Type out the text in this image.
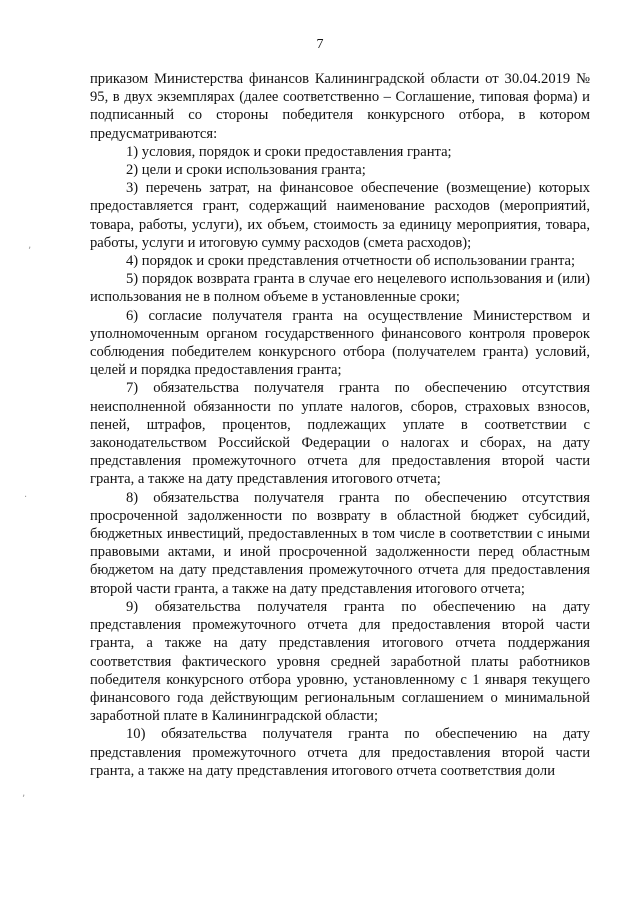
7
‚
·
‚

приказом Министерства финансов Калининградской области от 30.04.2019 № 95, в двух экземплярах (далее соответственно – Соглашение, типовая форма) и подписанный со стороны победителя конкурсного отбора, в котором предусматриваются:

1) условия, порядок и сроки предоставления гранта;

2) цели и сроки использования гранта;

3) перечень затрат, на финансовое обеспечение (возмещение) которых предоставляется грант, содержащий наименование расходов (мероприятий, товара, работы, услуги), их объем, стоимость за единицу мероприятия, товара, работы, услуги и итоговую сумму расходов (смета расходов);

4) порядок и сроки представления отчетности об использовании гранта;

5) порядок возврата гранта в случае его нецелевого использования и (или) использования не в полном объеме в установленные сроки;

6) согласие получателя гранта на осуществление Министерством и уполномоченным органом государственного финансового контроля проверок соблюдения победителем конкурсного отбора (получателем гранта) условий, целей и порядка предоставления гранта;

7) обязательства получателя гранта по обеспечению отсутствия неисполненной обязанности по уплате налогов, сборов, страховых взносов, пеней, штрафов, процентов, подлежащих уплате в соответствии с законодательством Российской Федерации о налогах и сборах, на дату представления промежуточного отчета для предоставления второй части гранта, а также на дату представления итогового отчета;

8) обязательства получателя гранта по обеспечению отсутствия просроченной задолженности по возврату в областной бюджет субсидий, бюджетных инвестиций, предоставленных в том числе в соответствии с иными правовыми актами, и иной просроченной задолженности перед областным бюджетом на дату представления промежуточного отчета для предоставления второй части гранта, а также на дату представления итогового отчета;

9) обязательства получателя гранта по обеспечению на дату представления промежуточного отчета для предоставления второй части гранта, а также на дату представления итогового отчета поддержания соответствия фактического уровня средней заработной платы работников победителя конкурсного отбора уровню, установленному с 1 января текущего финансового года действующим региональным соглашением о минимальной заработной плате в Калининградской области;

10) обязательства получателя гранта по обеспечению на дату представления промежуточного отчета для предоставления второй части гранта, а также на дату представления итогового отчета соответствия доли
